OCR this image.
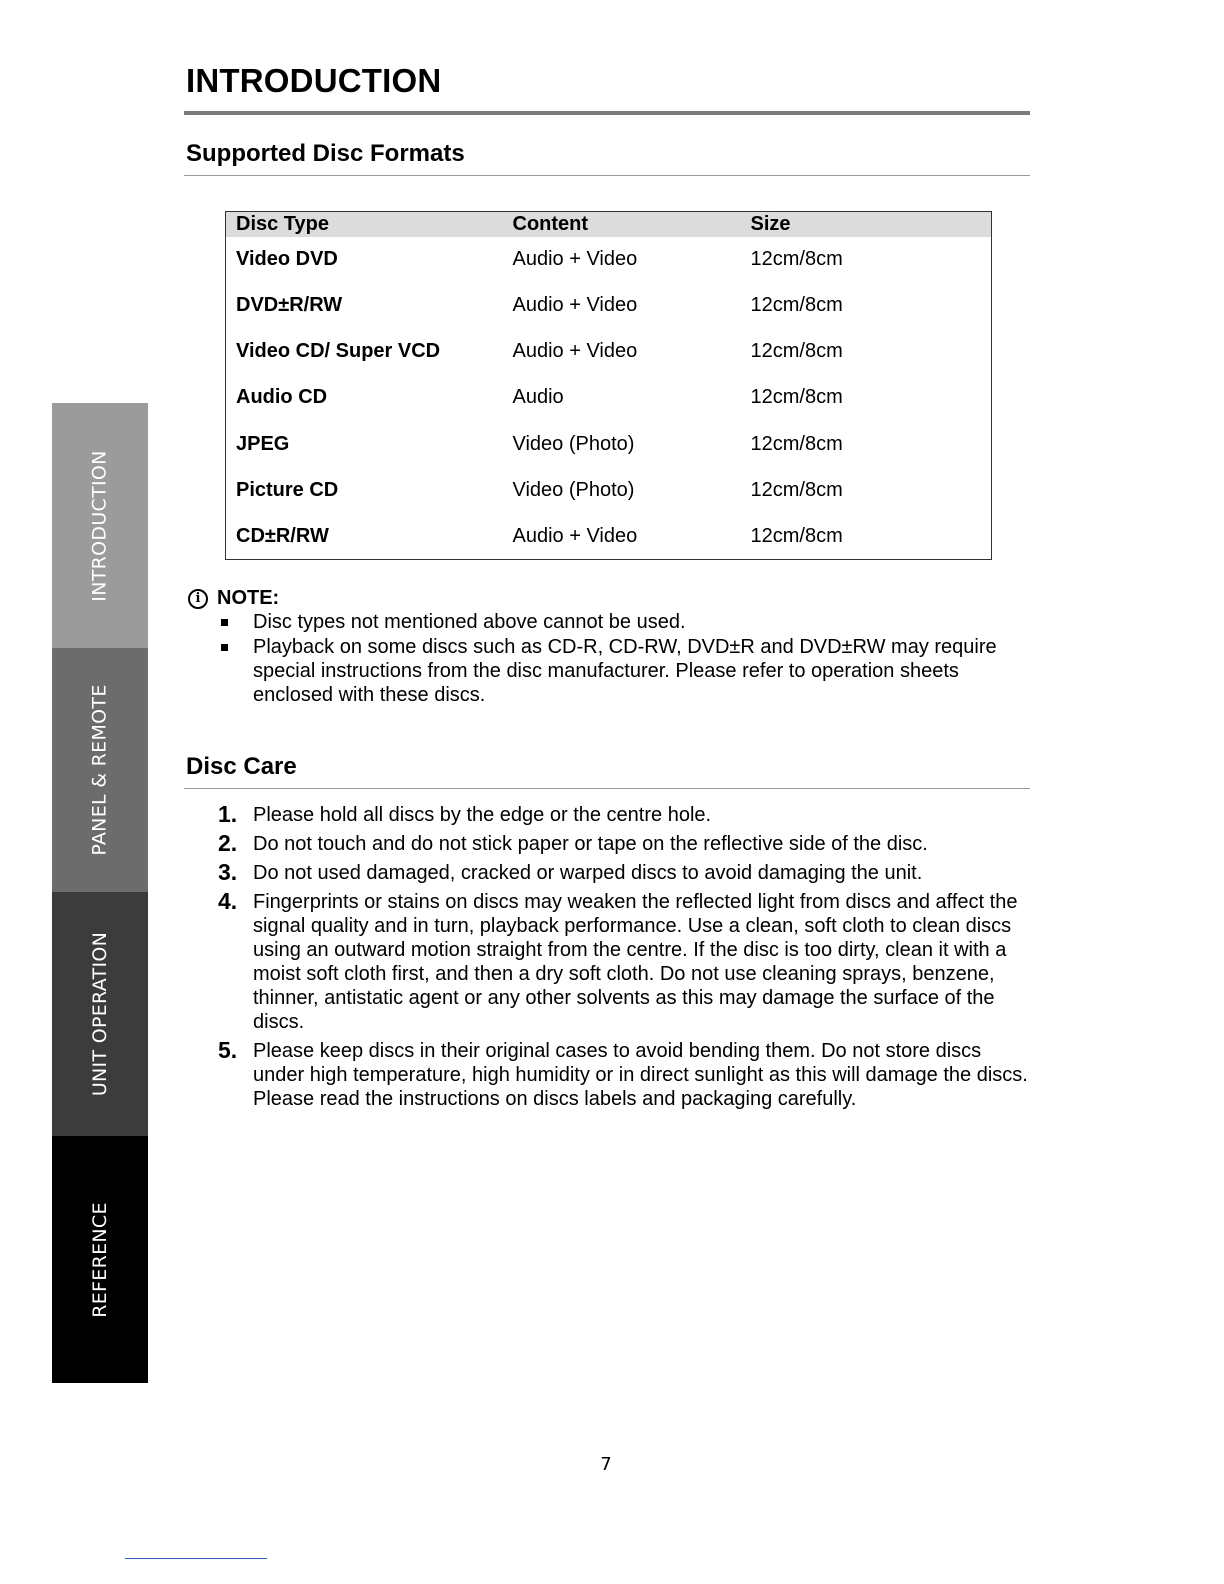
INTRODUCTION
INTRODUCTION
PANEL & REMOTE
UNIT OPERATION
REFERENCE
Supported Disc Formats
Disc Type	Content	Size
Video DVD	Audio + Video	12cm/8cm
DVD±R/RW	Audio + Video	12cm/8cm
Video CD/ Super VCD	Audio + Video	12cm/8cm
Audio CD	Audio	12cm/8cm
JPEG	Video (Photo)	12cm/8cm
Picture CD	Video (Photo)	12cm/8cm
CD±R/RW	Audio + Video	12cm/8cm
i NOTE:
Disc types not mentioned above cannot be used.
Playback on some discs such as CD-R, CD-RW, DVD±R and DVD±RW may require special instructions from the disc manufacturer. Please refer to operation sheets enclosed with these discs.
Disc Care
1. Please hold all discs by the edge or the centre hole.
2. Do not touch and do not stick paper or tape on the reflective side of the disc.
3. Do not used damaged, cracked or warped discs to avoid damaging the unit.
4. Fingerprints or stains on discs may weaken the reflected light from discs and affect the signal quality and in turn, playback performance. Use a clean, soft cloth to clean discs using an outward motion straight from the centre. If the disc is too dirty, clean it with a moist soft cloth first, and then a dry soft cloth. Do not use cleaning sprays, benzene, thinner, antistatic agent or any other solvents as this may damage the surface of the discs.
5. Please keep discs in their original cases to avoid bending them. Do not store discs under high temperature, high humidity or in direct sunlight as this will damage the discs. Please read the instructions on discs labels and packaging carefully.
7
